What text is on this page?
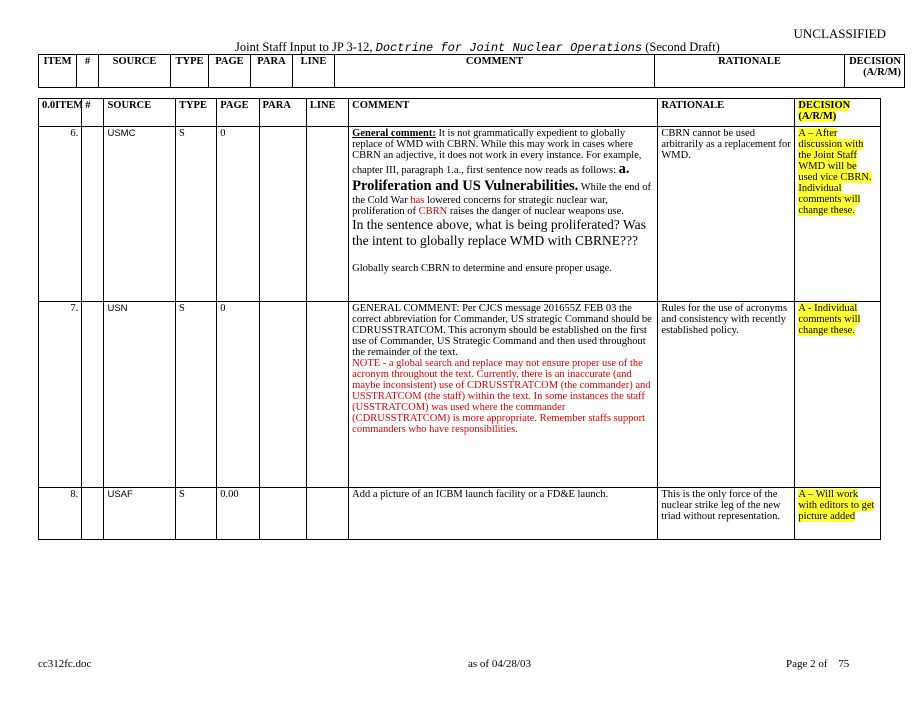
UNCLASSIFIED
Joint Staff Input to JP 3-12, Doctrine for Joint Nuclear Operations (Second Draft)
ITEM	#	SOURCE	TYPE	PAGE	PARA	LINE	COMMENT	RATIONALE	DECISION
(A/R/M)
0.0ITEM	#	SOURCE	TYPE	PAGE	PARA	LINE	COMMENT	RATIONALE	DECISION (A/R/M)
6.		USMC	S	0			General comment: It is not grammatically expedient to globally replace of WMD with CBRN. While this may work in cases where CBRN an adjective, it does not work in every instance. For example, chapter III, paragraph 1.a., first sentence now reads as follows: a. Proliferation and US Vulnerabilities. While the end of the Cold War has lowered concerns for strategic nuclear war, proliferation of CBRN raises the danger of nuclear weapons use.
In the sentence above, what is being proliferated? Was the intent to globally replace WMD with CBRNE???
Globally search CBRN to determine and ensure proper usage.	CBRN cannot be used arbitrarily as a replacement for WMD.	A – After discussion with the Joint Staff WMD will be used vice CBRN. Individual comments will change these.
7.		USN	S	0			GENERAL COMMENT: Per CJCS message 201655Z FEB 03 the correct abbreviation for Commander, US strategic Command should be CDRUSSTRATCOM. This acronym should be established on the first use of Commander, US Strategic Command and then used throughout the remainder of the text.
NOTE - a global search and replace may not ensure proper use of the acronym throughout the text. Currently, there is an inaccurate (and maybe inconsistent) use of CDRUSSTRATCOM (the commander) and USSTRATCOM (the staff) within the text. In some instances the staff (USSTRATCOM) was used where the commander (CDRUSSTRATCOM) is more appropriate. Remember staffs support commanders who have responsibilities.	Rules for the use of acronyms and consistency with recently established policy.	A - Individual comments will change these.
8.		USAF	S	0.00			Add a picture of an ICBM launch facility or a FD&E launch.	This is the only force of the nuclear strike leg of the new triad without representation.	A – Will work with editors to get picture added
cc312fc.doc	as of 04/28/03	Page 2 of 75
